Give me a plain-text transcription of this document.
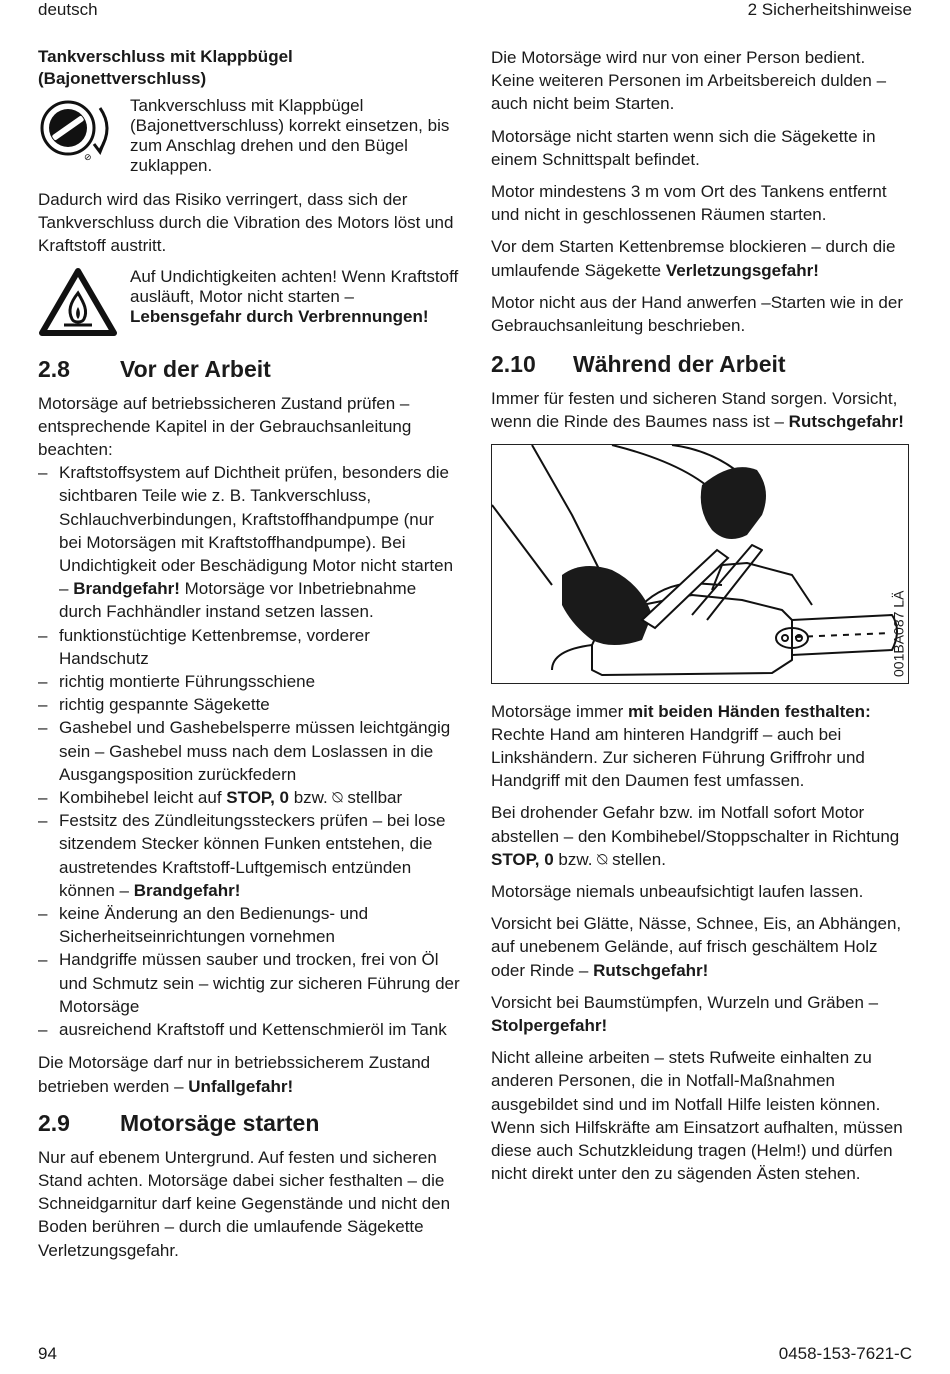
deutsch	2 Sicherheitshinweise
Tankverschluss mit Klappbügel (Bajonettverschluss)
⊘
Tankverschluss mit Klappbügel (Bajonettverschluss) korrekt einsetzen, bis zum Anschlag drehen und den Bügel zuklappen.

Dadurch wird das Risiko verringert, dass sich der Tankverschluss durch die Vibration des Motors löst und Kraftstoff austritt.

Auf Undichtigkeiten achten! Wenn Kraftstoff ausläuft, Motor nicht starten – Lebensgefahr durch Verbrennungen!
2.8	Vor der Arbeit

Motorsäge auf betriebssicheren Zustand prüfen – entsprechende Kapitel in der Gebrauchsanleitung beachten:

– Kraftstoffsystem auf Dichtheit prüfen, besonders die sichtbaren Teile wie z. B. Tankverschluss, Schlauchverbindungen, Kraftstoffhandpumpe (nur bei Motorsägen mit Kraftstoffhandpumpe). Bei Undichtigkeit oder Beschädigung Motor nicht starten – Brandgefahr! Motorsäge vor Inbetriebnahme durch Fachhändler instand setzen lassen.
– funktionstüchtige Kettenbremse, vorderer Handschutz
– richtig montierte Führungsschiene
– richtig gespannte Sägekette
– Gashebel und Gashebelsperre müssen leichtgängig sein – Gashebel muss nach dem Loslassen in die Ausgangsposition zurückfedern
– Kombihebel leicht auf STOP, 0 bzw. ⍉ stellbar
– Festsitz des Zündleitungssteckers prüfen – bei lose sitzendem Stecker können Funken entstehen, die austretendes Kraftstoff-Luftgemisch entzünden können – Brandgefahr!
– keine Änderung an den Bedienungs- und Sicherheitseinrichtungen vornehmen
– Handgriffe müssen sauber und trocken, frei von Öl und Schmutz sein – wichtig zur sicheren Führung der Motorsäge
– ausreichend Kraftstoff und Kettenschmieröl im Tank

Die Motorsäge darf nur in betriebssicherem Zustand betrieben werden – Unfallgefahr!

2.9	Motorsäge starten

Nur auf ebenem Untergrund. Auf festen und sicheren Stand achten. Motorsäge dabei sicher festhalten – die Schneidgarnitur darf keine Gegenstände und nicht den Boden berühren – durch die umlaufende Sägekette Verletzungsgefahr.

Die Motorsäge wird nur von einer Person bedient. Keine weiteren Personen im Arbeitsbereich dulden – auch nicht beim Starten.

Motorsäge nicht starten wenn sich die Sägekette in einem Schnittspalt befindet.

Motor mindestens 3 m vom Ort des Tankens entfernt und nicht in geschlossenen Räumen starten.

Vor dem Starten Kettenbremse blockieren – durch die umlaufende Sägekette Verletzungsgefahr!

Motor nicht aus der Hand anwerfen –Starten wie in der Gebrauchsanleitung beschrieben.

2.10	Während der Arbeit

Immer für festen und sicheren Stand sorgen. Vorsicht, wenn die Rinde des Baumes nass ist – Rutschgefahr!

001BA087 LÄ

Motorsäge immer mit beiden Händen festhalten: Rechte Hand am hinteren Handgriff – auch bei Linkshändern. Zur sicheren Führung Griffrohr und Handgriff mit den Daumen fest umfassen.

Bei drohender Gefahr bzw. im Notfall sofort Motor abstellen – den Kombihebel/Stoppschalter in Richtung STOP, 0 bzw. ⍉ stellen.

Motorsäge niemals unbeaufsichtigt laufen lassen.

Vorsicht bei Glätte, Nässe, Schnee, Eis, an Abhängen, auf unebenem Gelände, auf frisch geschältem Holz oder Rinde – Rutschgefahr!

Vorsicht bei Baumstümpfen, Wurzeln und Gräben – Stolpergefahr!

Nicht alleine arbeiten – stets Rufweite einhalten zu anderen Personen, die in Notfall-Maßnahmen ausgebildet sind und im Notfall Hilfe leisten können. Wenn sich Hilfskräfte am Einsatzort aufhalten, müssen diese auch Schutzkleidung tragen (Helm!) und dürfen nicht direkt unter den zu sägenden Ästen stehen.

94	0458-153-7621-C
